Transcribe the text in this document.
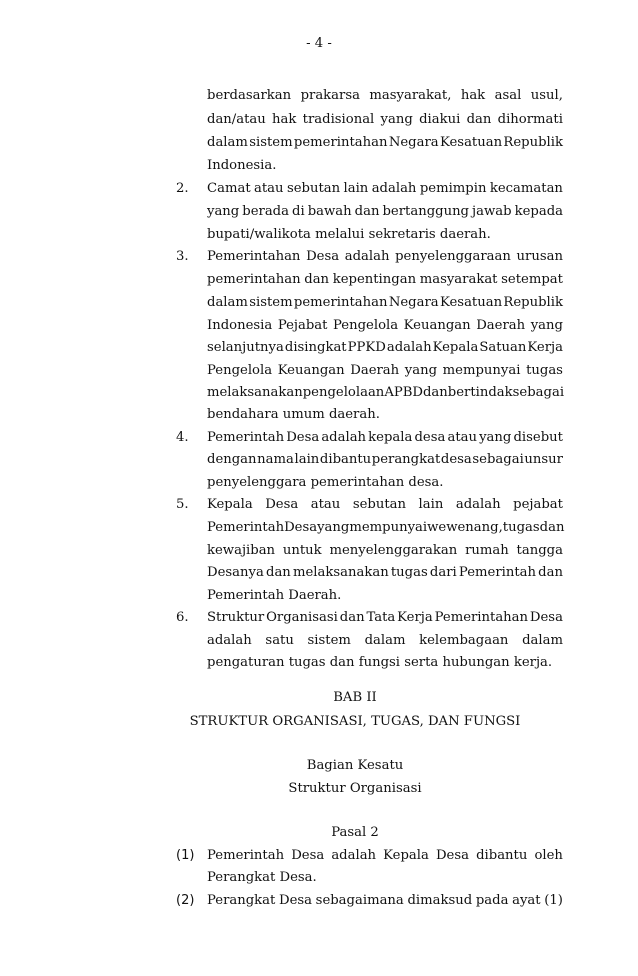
- 4 -
berdasarkan prakarsa masyarakat, hak asal usul,
dan/atau hak tradisional yang diakui dan dihormati
dalam sistem pemerintahan Negara Kesatuan Republik
Indonesia.
2. Camat atau sebutan lain adalah pemimpin kecamatan
yang berada di bawah dan bertanggung jawab kepada
bupati/walikota melalui sekretaris daerah.
3. Pemerintahan Desa adalah penyelenggaraan urusan
pemerintahan dan kepentingan masyarakat setempat
dalam sistem pemerintahan Negara Kesatuan Republik
Indonesia Pejabat Pengelola Keuangan Daerah yang
selanjutnya disingkat PPKD adalah Kepala Satuan Kerja
Pengelola Keuangan Daerah yang mempunyai tugas
melaksanakan pengelolaan APBD dan bertindak sebagai
bendahara umum daerah.
4. Pemerintah Desa adalah kepala desa atau yang disebut
dengan nama lain dibantu perangkat desa sebagai unsur
penyelenggara pemerintahan desa.
5. Kepala Desa atau sebutan lain adalah pejabat
Pemerintah Desa yang mempunyai wewenang, tugas dan
kewajiban untuk menyelenggarakan rumah tangga
Desanya dan melaksanakan tugas dari Pemerintah dan
Pemerintah Daerah.
6. Struktur Organisasi dan Tata Kerja Pemerintahan Desa
adalah satu sistem dalam kelembagaan dalam
pengaturan tugas dan fungsi serta hubungan kerja.
BAB II
STRUKTUR ORGANISASI, TUGAS, DAN FUNGSI
Bagian Kesatu
Struktur Organisasi
Pasal 2
(1) Pemerintah Desa adalah Kepala Desa dibantu oleh
Perangkat Desa.
(2) Perangkat Desa sebagaimana dimaksud pada ayat (1)
